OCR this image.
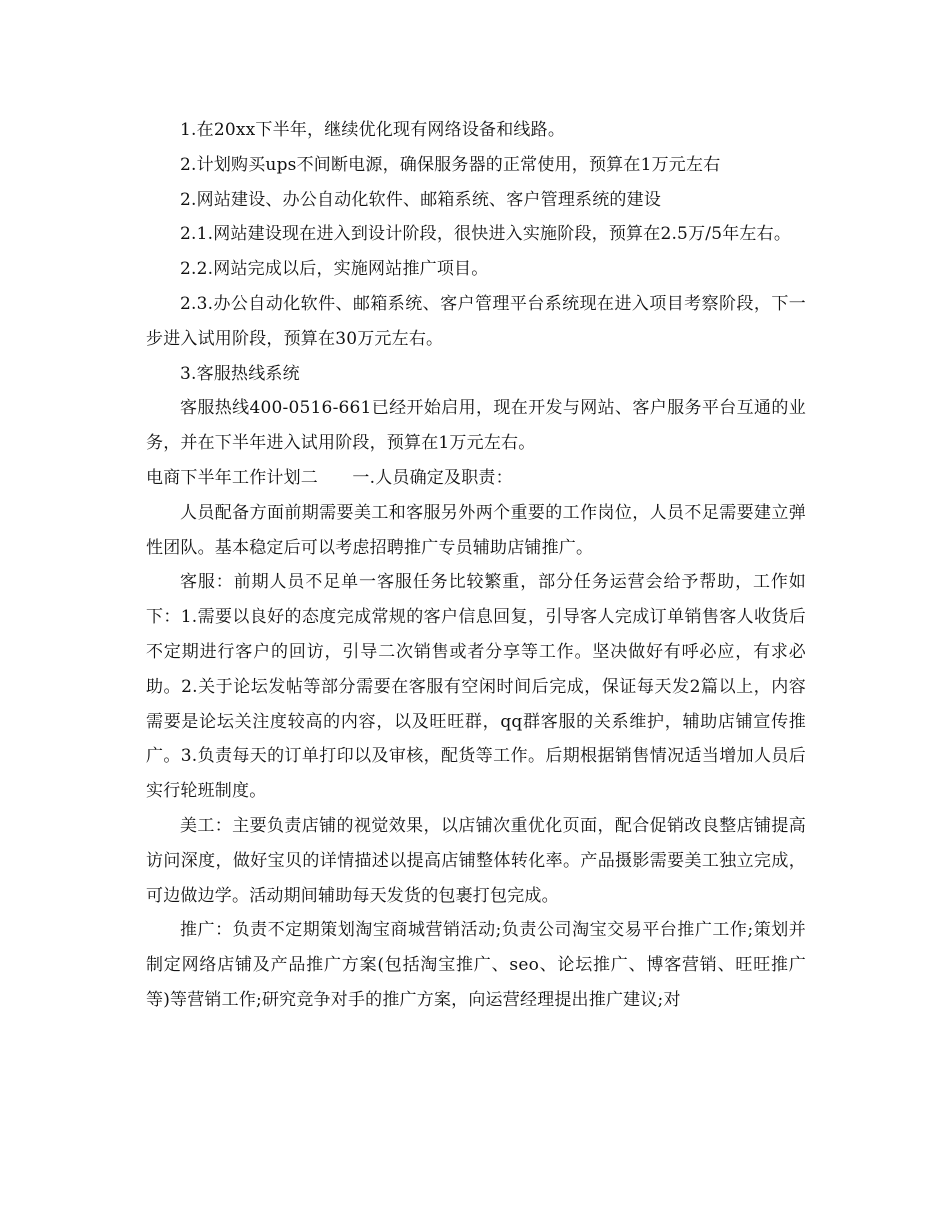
1.在20xx下半年，继续优化现有网络设备和线路。

2.计划购买ups不间断电源，确保服务器的正常使用，预算在1万元左右

2.网站建设、办公自动化软件、邮箱系统、客户管理系统的建设

2.1.网站建设现在进入到设计阶段，很快进入实施阶段，预算在2.5万/5年左右。

2.2.网站完成以后，实施网站推广项目。

2.3.办公自动化软件、邮箱系统、客户管理平台系统现在进入项目考察阶段，下一步进入试用阶段，预算在30万元左右。

3.客服热线系统

客服热线400-0516-661已经开始启用，现在开发与网站、客户服务平台互通的业务，并在下半年进入试用阶段，预算在1万元左右。

电商下半年工作计划二　　一.人员确定及职责：

人员配备方面前期需要美工和客服另外两个重要的工作岗位，人员不足需要建立弹性团队。基本稳定后可以考虑招聘推广专员辅助店铺推广。

客服：前期人员不足单一客服任务比较繁重，部分任务运营会给予帮助，工作如下：1.需要以良好的态度完成常规的客户信息回复，引导客人完成订单销售客人收货后不定期进行客户的回访，引导二次销售或者分享等工作。坚决做好有呼必应，有求必助。2.关于论坛发帖等部分需要在客服有空闲时间后完成，保证每天发2篇以上，内容需要是论坛关注度较高的内容，以及旺旺群，qq群客服的关系维护，辅助店铺宣传推广。3.负责每天的订单打印以及审核，配货等工作。后期根据销售情况适当增加人员后实行轮班制度。

美工：主要负责店铺的视觉效果，以店铺次重优化页面，配合促销改良整店铺提高访问深度，做好宝贝的详情描述以提高店铺整体转化率。产品摄影需要美工独立完成，可边做边学。活动期间辅助每天发货的包裹打包完成。

推广：负责不定期策划淘宝商城营销活动;负责公司淘宝交易平台推广工作;策划并制定网络店铺及产品推广方案(包括淘宝推广、seo、论坛推广、博客营销、旺旺推广等)等营销工作;研究竞争对手的推广方案，向运营经理提出推广建议;对
